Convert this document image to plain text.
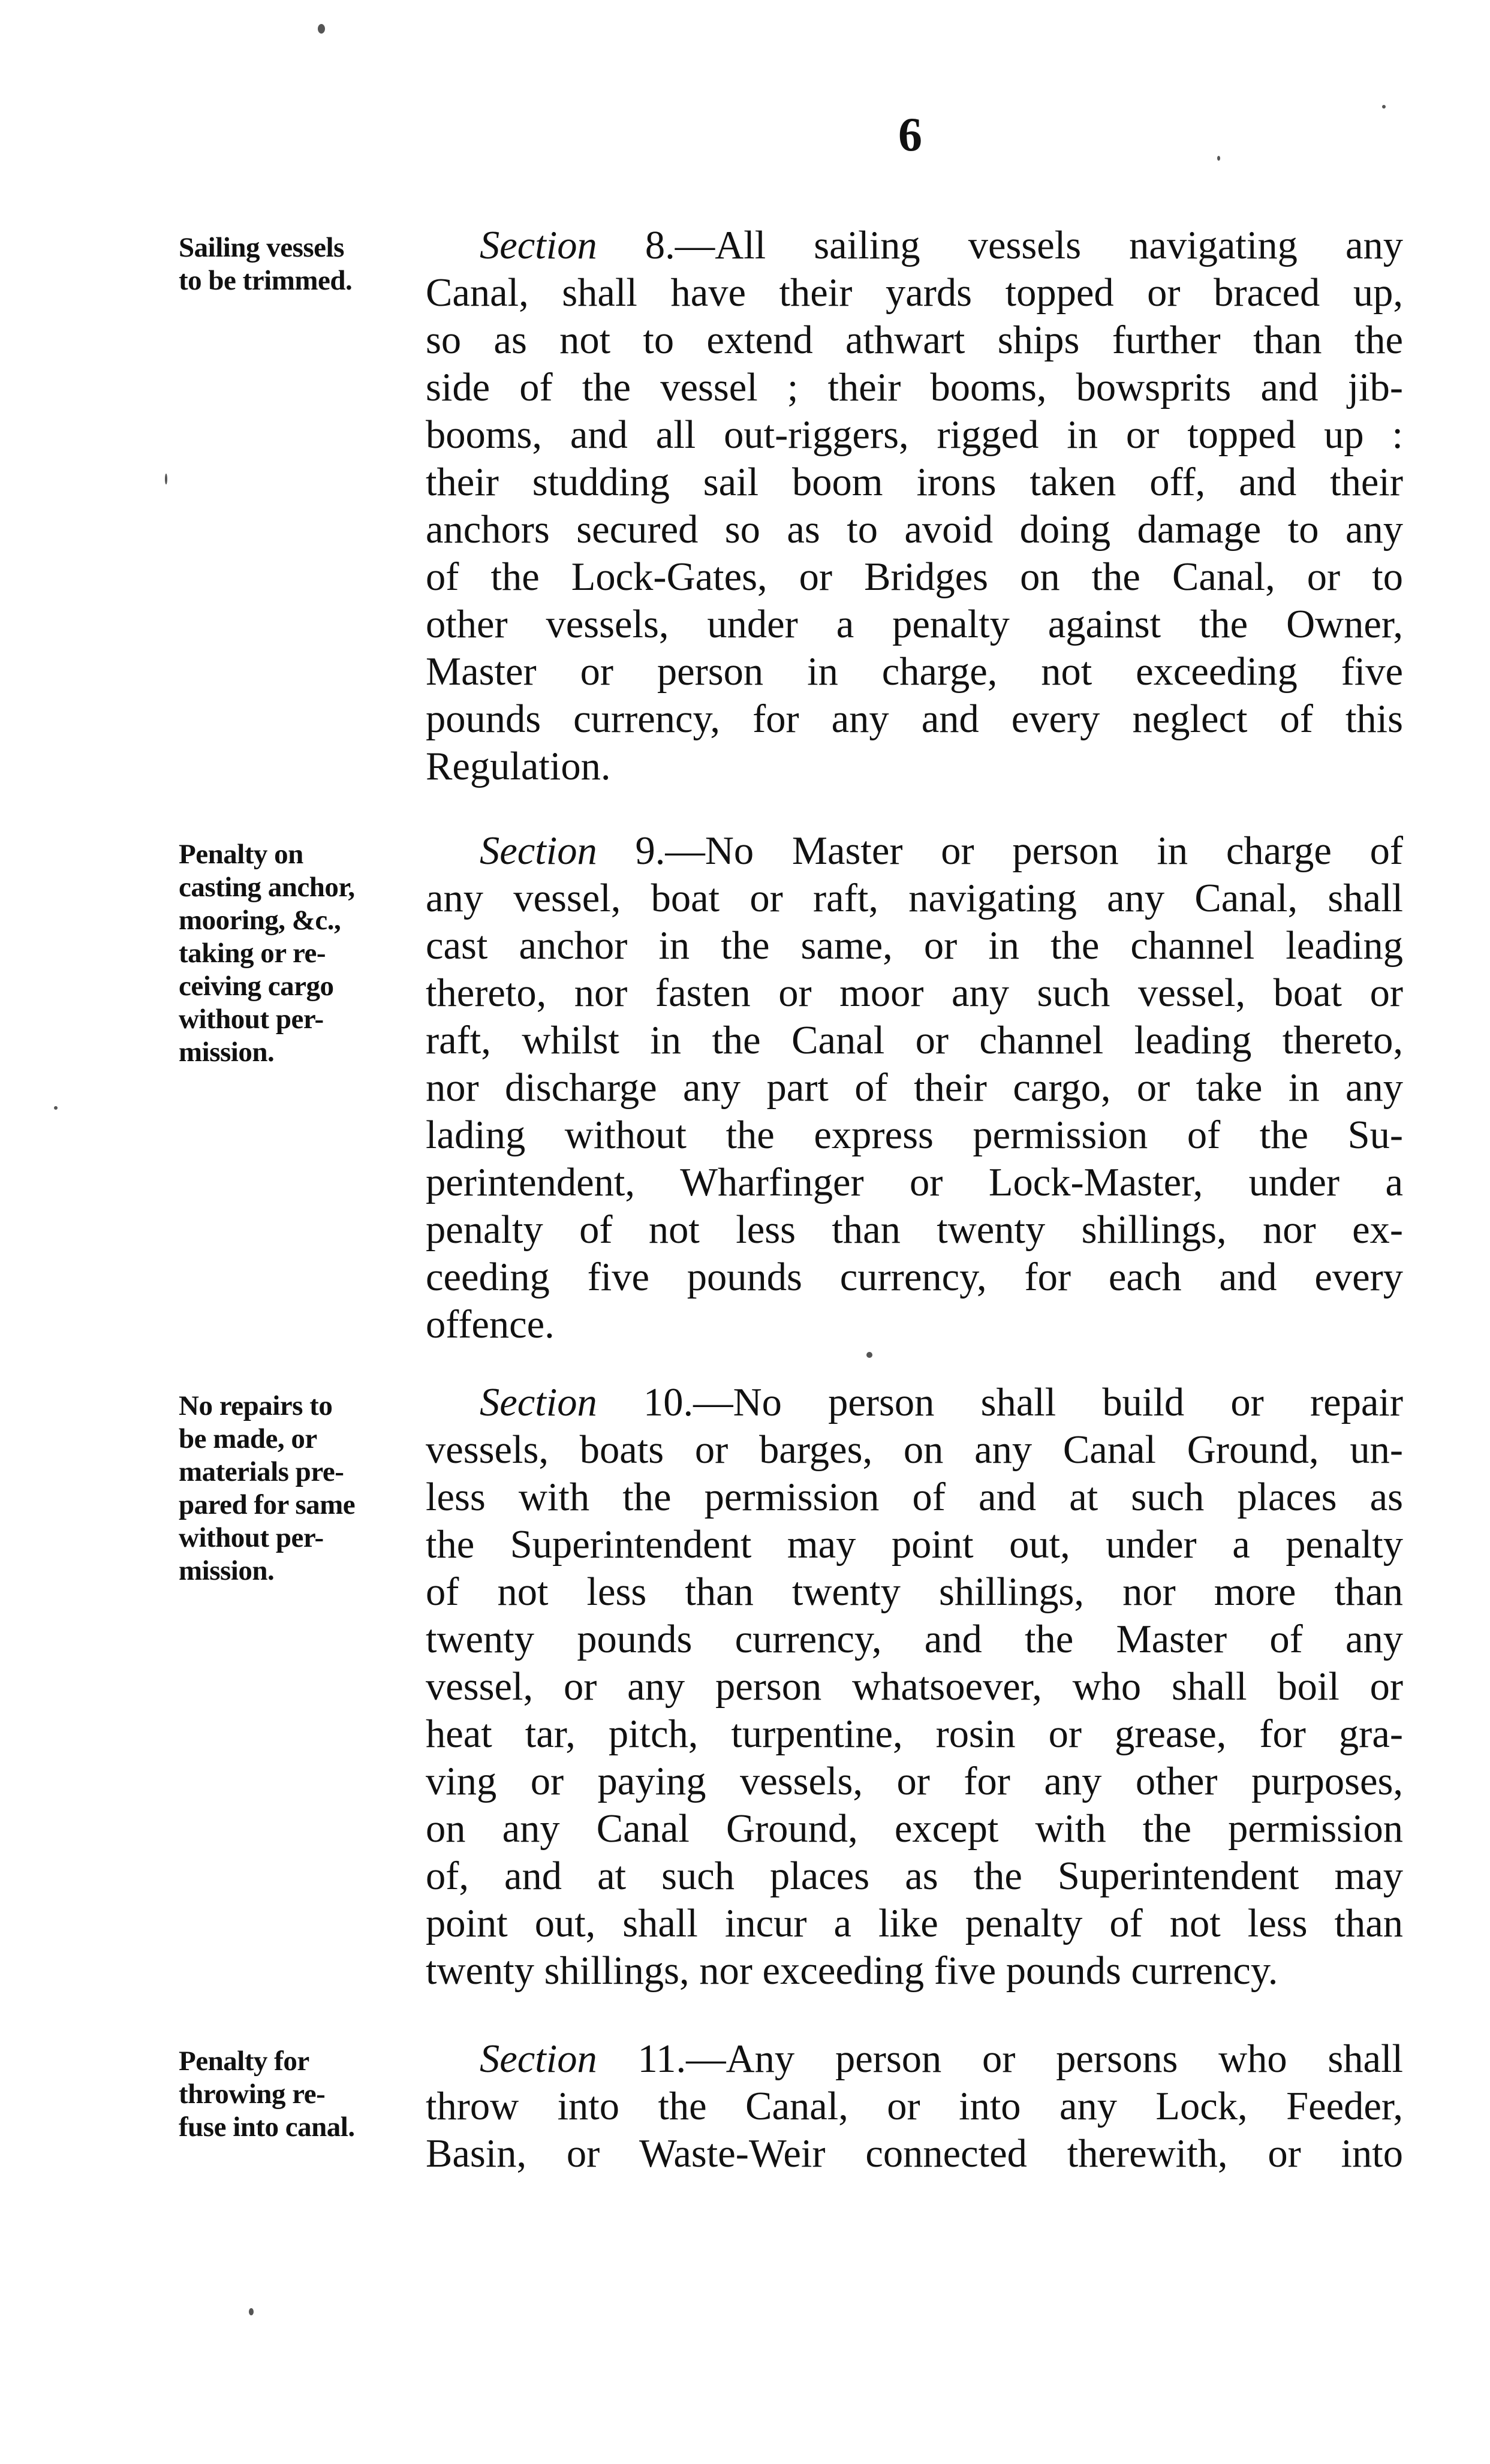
6
Sailing vessels
to be trimmed.
Section 8.—All sailing vessels navigating any
Canal, shall have their yards topped or braced up,
so as not to extend athwart ships further than the
side of the vessel ; their booms, bowsprits and jib-
booms, and all out-riggers, rigged in or topped up :
their studding sail boom irons taken off, and their
anchors secured so as to avoid doing damage to any
of the Lock-Gates, or Bridges on the Canal, or to
other vessels, under a penalty against the Owner,
Master or person in charge, not exceeding five
pounds currency, for any and every neglect of this
Regulation.
Penalty on
casting anchor,
mooring, &c.,
taking or re-
ceiving cargo
without per-
mission.
Section 9.—No Master or person in charge of
any vessel, boat or raft, navigating any Canal, shall
cast anchor in the same, or in the channel leading
thereto, nor fasten or moor any such vessel, boat or
raft, whilst in the Canal or channel leading thereto,
nor discharge any part of their cargo, or take in any
lading without the express permission of the Su-
perintendent, Wharfinger or Lock-Master, under a
penalty of not less than twenty shillings, nor ex-
ceeding five pounds currency, for each and every
offence.
No repairs to
be made, or
materials pre-
pared for same
without per-
mission.
Section 10.—No person shall build or repair
vessels, boats or barges, on any Canal Ground, un-
less with the permission of and at such places as
the Superintendent may point out, under a penalty
of not less than twenty shillings, nor more than
twenty pounds currency, and the Master of any
vessel, or any person whatsoever, who shall boil or
heat tar, pitch, turpentine, rosin or grease, for gra-
ving or paying vessels, or for any other purposes,
on any Canal Ground, except with the permission
of, and at such places as the Superintendent may
point out, shall incur a like penalty of not less than
twenty shillings, nor exceeding five pounds currency.
Penalty for
throwing re-
fuse into canal.
Section 11.—Any person or persons who shall
throw into the Canal, or into any Lock, Feeder,
Basin, or Waste-Weir connected therewith, or into
